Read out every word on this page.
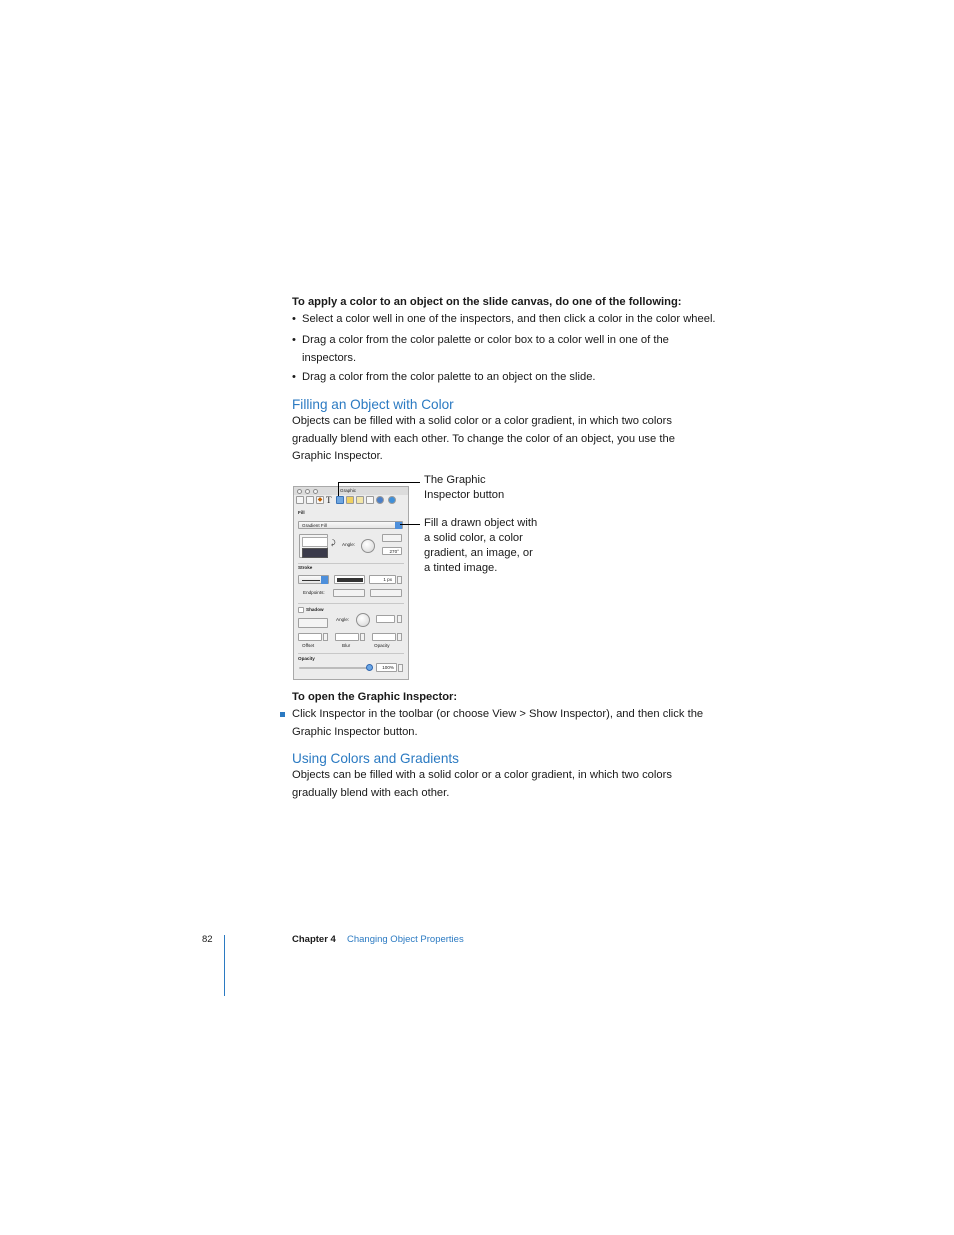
To apply a color to an object on the slide canvas, do one of the following:
• Select a color well in one of the inspectors, and then click a color in the color wheel.
• Drag a color from the color palette or color box to a color well in one of the inspectors.
• Drag a color from the color palette to an object on the slide.
Filling an Object with Color
Objects can be filled with a solid color or a color gradient, in which two colors gradually blend with each other. To change the color of an object, you use the Graphic Inspector.
Graphic
◆ T
Fill
Gradient Fill
⤸ Angle:
270°
Stroke
1 px
Endpoints:
Shadow
Angle:
Offset	Blur	Opacity
Opacity
100%
The Graphic Inspector button
Fill a drawn object with a solid color, a color gradient, an image, or a tinted image.
To open the Graphic Inspector:
Click Inspector in the toolbar (or choose View > Show Inspector), and then click the Graphic Inspector button.
Using Colors and Gradients
Objects can be filled with a solid color or a color gradient, in which two colors gradually blend with each other.
82	Chapter 4 Changing Object Properties
